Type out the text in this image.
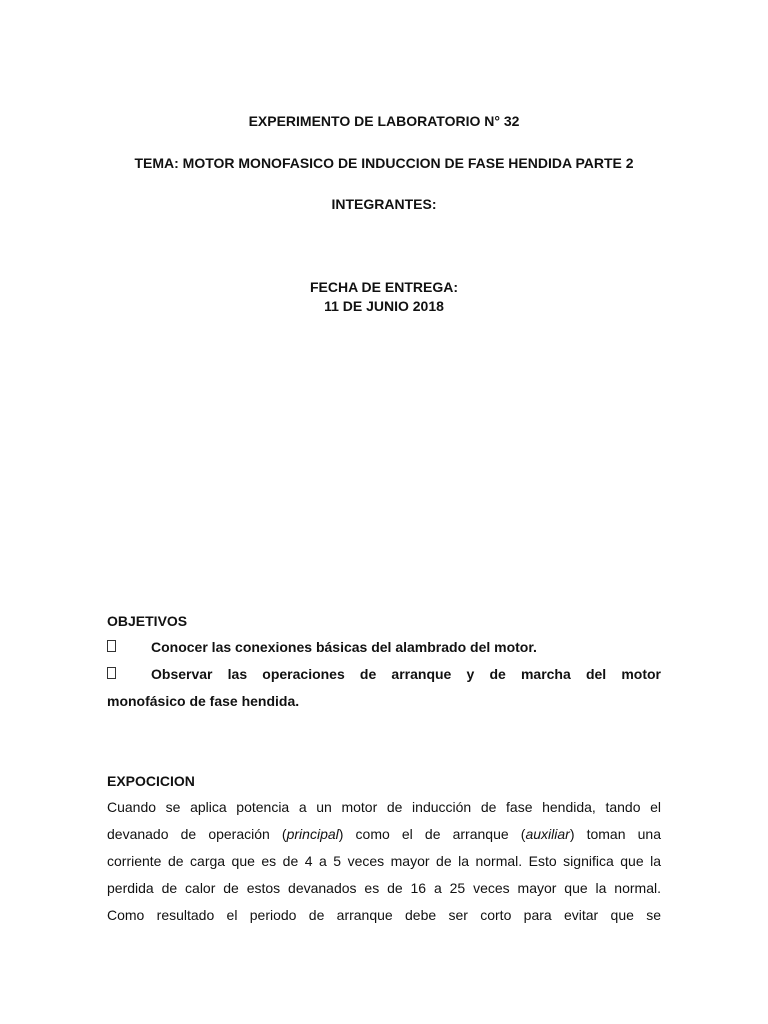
EXPERIMENTO DE LABORATORIO N° 32
TEMA: MOTOR MONOFASICO DE INDUCCION DE FASE HENDIDA PARTE 2
INTEGRANTES:
FECHA DE ENTREGA:
11 DE JUNIO 2018
OBJETIVOS
Conocer las conexiones básicas del alambrado del motor.
Observar las operaciones de arranque y de marcha del motor
monofásico de fase hendida.
EXPOCICION
Cuando se aplica potencia a un motor de inducción de fase hendida, tando el
devanado de operación (principal) como el de arranque (auxiliar) toman una
corriente de carga que es de 4 a 5 veces mayor de la normal. Esto significa que la
perdida de calor de estos devanados es de 16 a 25 veces mayor que la normal.
Como resultado el periodo de arranque debe ser corto para evitar que se
